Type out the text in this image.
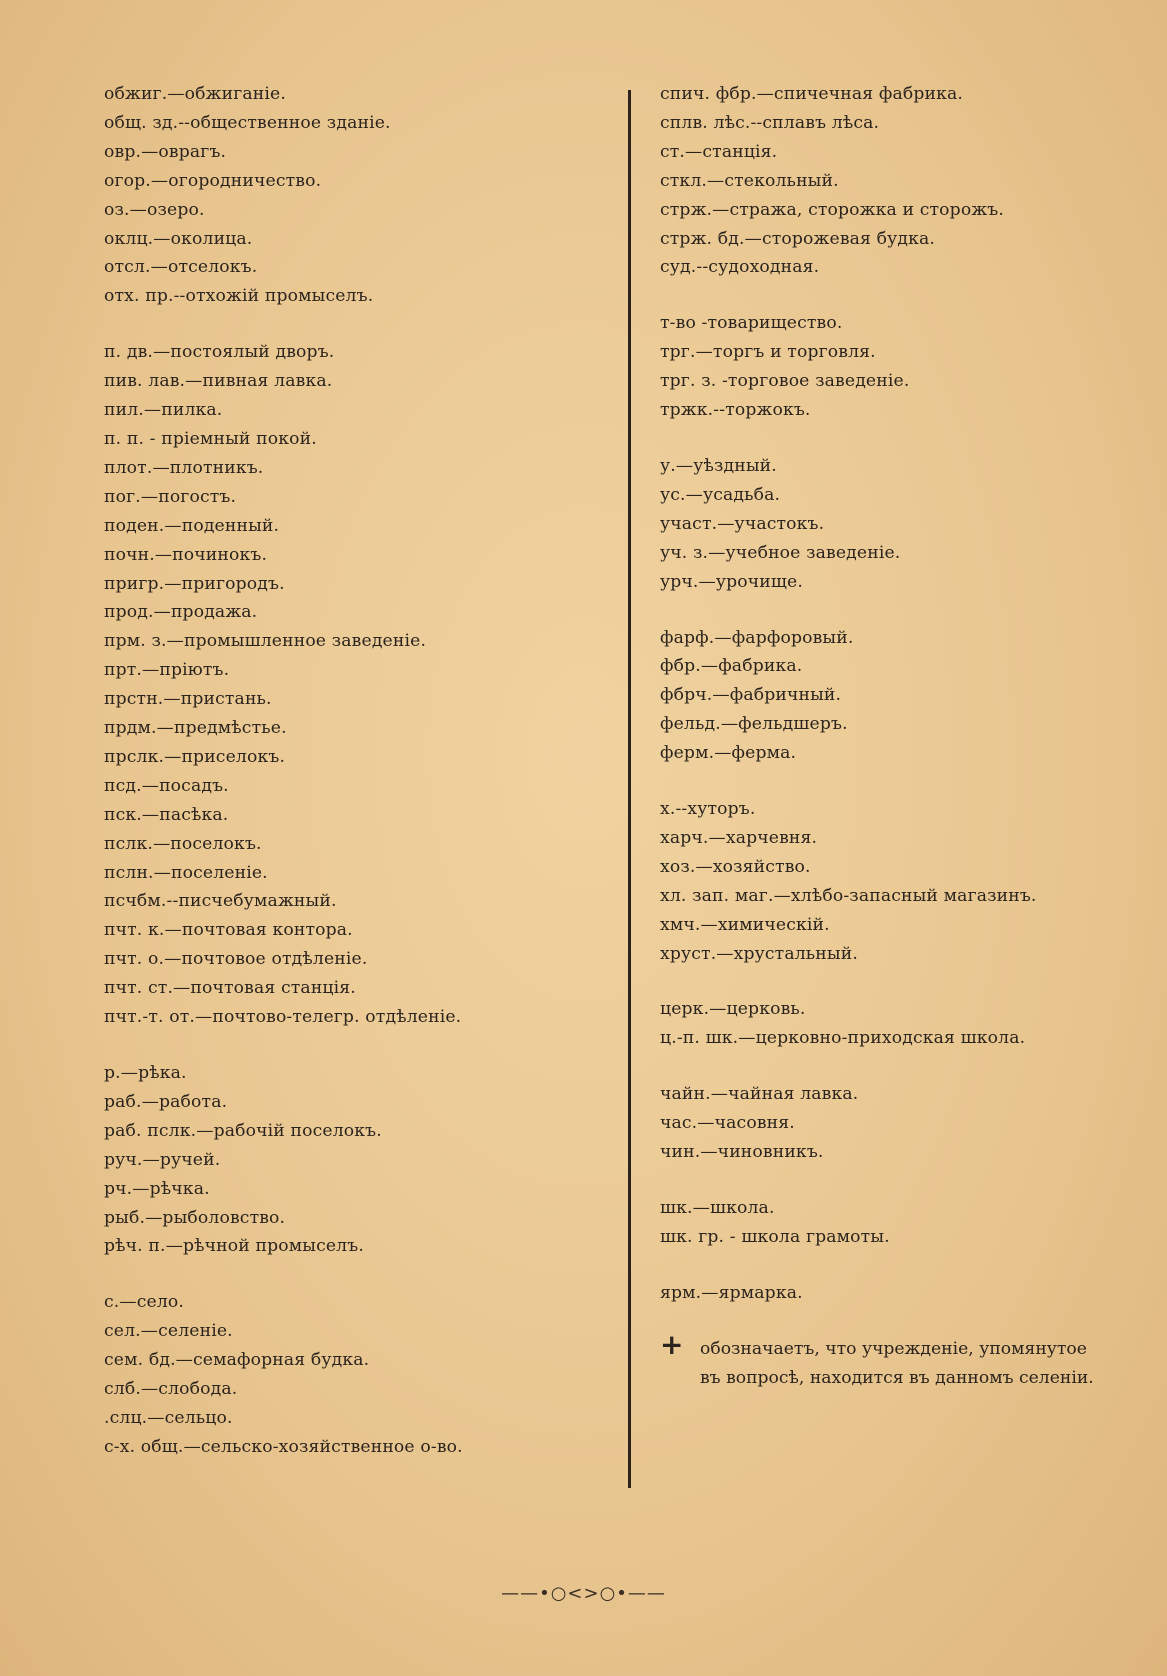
обжиг.—обжиганіе.
общ. зд.--общественное зданіе.
овр.—оврагъ.
огор.—огородничество.
оз.—озеро.
оклц.—околица.
отсл.—отселокъ.
отх. пр.--отхожій промыселъ.
п. дв.—постоялый дворъ.
пив. лав.—пивная лавка.
пил.—пилка.
п. п. - пріемный покой.
плот.—плотникъ.
пог.—погостъ.
поден.—поденный.
почн.—починокъ.
пригр.—пригородъ.
прод.—продажа.
прм. з.—промышленное заведеніе.
прт.—пріютъ.
прстн.—пристань.
прдм.—предмѣстье.
прслк.—приселокъ.
псд.—посадъ.
пск.—пасѣка.
пслк.—поселокъ.
пслн.—поселеніе.
псчбм.--писчебумажный.
пчт. к.—почтовая контора.
пчт. о.—почтовое отдѣленіе.
пчт. ст.—почтовая станція.
пчт.-т. от.—почтово-телегр. отдѣленіе.
р.—рѣка.
раб.—работа.
раб. пслк.—рабочій поселокъ.
руч.—ручей.
рч.—рѣчка.
рыб.—рыболовство.
рѣч. п.—рѣчной промыселъ.
с.—село.
сел.—селеніе.
сем. бд.—семафорная будка.
слб.—слобода.
.слц.—сельцо.
с-х. общ.—сельско-хозяйственное о-во.
спич. фбр.—спичечная фабрика.
сплв. лѣс.--сплавъ лѣса.
ст.—станція.
сткл.—стекольный.
стрж.—стража, сторожка и сторожъ.
стрж. бд.—сторожевая будка.
суд.--судоходная.
т-во -товарищество.
трг.—торгъ и торговля.
трг. з. -торговое заведеніе.
тржк.--торжокъ.
у.—уѣздный.
ус.—усадьба.
участ.—участокъ.
уч. з.—учебное заведеніе.
урч.—урочище.
фарф.—фарфоровый.
фбр.—фабрика.
фбрч.—фабричный.
фельд.—фельдшеръ.
ферм.—ферма.
х.--хуторъ.
харч.—харчевня.
хоз.—хозяйство.
хл. зап. маг.—хлѣбо-запасный магазинъ.
хмч.—химическій.
хруст.—хрустальный.
церк.—церковь.
ц.-п. шк.—церковно-приходская школа.
чайн.—чайная лавка.
час.—часовня.
чин.—чиновникъ.
шк.—школа.
шк. гр. - школа грамоты.
ярм.—ярмарка.
+ обозначаетъ, что учрежденіе, упомянутое
въ вопросѣ, находится въ данномъ селеніи.
——•○<>○•——
